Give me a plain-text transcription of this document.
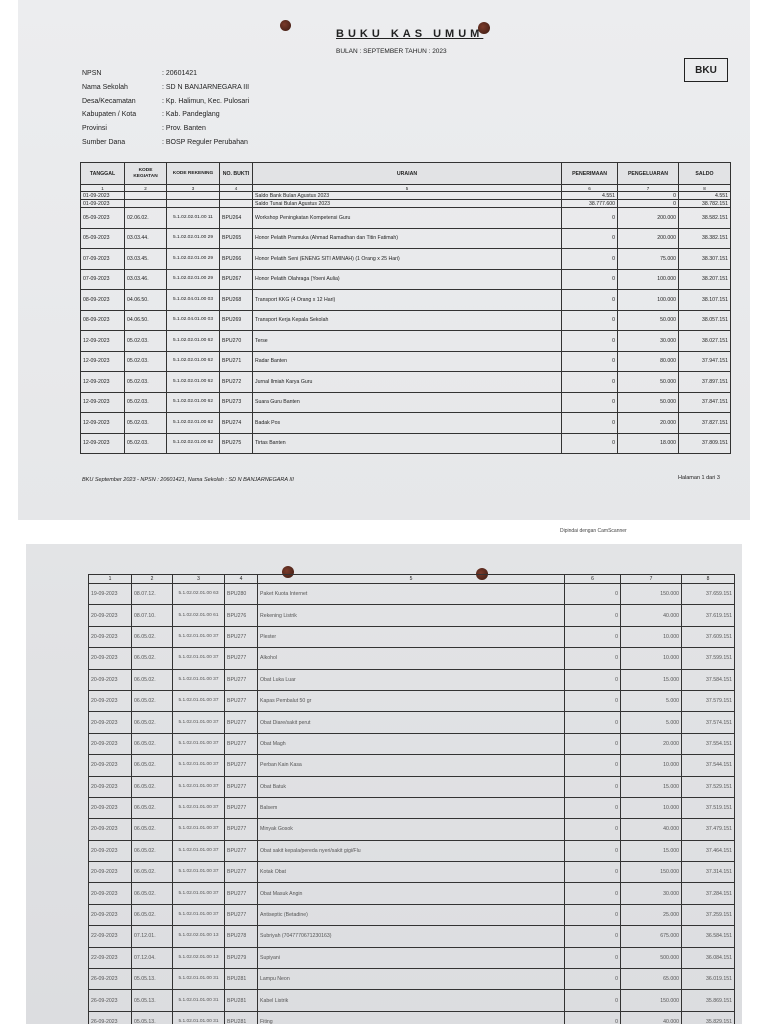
BUKU KAS UMUM
BULAN : SEPTEMBER TAHUN : 2023
BKU
NPSN	: 20601421
Nama Sekolah	: SD N BANJARNEGARA III
Desa/Kecamatan	: Kp. Halimun, Kec. Pulosari
Kabupaten / Kota	: Kab. Pandeglang
Provinsi	: Prov. Banten
Sumber Dana	: BOSP Reguler Perubahan
TANGGAL	KODE KEGIATAN	KODE REKENING	NO. BUKTI	URAIAN	PENERIMAAN	PENGELUARAN	SALDO
1	2	3	4	5	6	7	8
01-09-2023				Saldo Bank Bulan Agustus 2023	4.551	0	4.551
01-09-2023				Saldo Tunai Bulan Agustus 2023	38.777.600	0	38.782.151
05-09-2023	02.06.02.	5.1.02.02.01.00 11	BPU264	Workshop Peningkatan Kompetensi Guru	0	200.000	38.582.151
05-09-2023	03.03.44.	5.1.02.02.01.00 29	BPU265	Honor Pelatih Pramuka (Ahmad Ramadhan dan Titin Fatimah)	0	200.000	38.382.151
07-09-2023	03.03.45.	5.1.02.02.01.00 29	BPU266	Honor Pelatih Seni (ENENG SITI AMINAH) (1 Orang x 25 Hari)	0	75.000	38.307.151
07-09-2023	03.03.46.	5.1.02.02.01.00 29	BPU267	Honor Pelatih Olahraga (Yoeni Aulia)	0	100.000	38.207.151
08-09-2023	04.06.50.	5.1.02.04.01.00 03	BPU268	Transport KKG (4 Orang x 12 Hari)	0	100.000	38.107.151
08-09-2023	04.06.50.	5.1.02.04.01.00 03	BPU269	Transport Kerja Kepala Sekolah	0	50.000	38.057.151
12-09-2023	05.02.03.	5.1.02.02.01.00 62	BPU270	Terse	0	30.000	38.027.151
12-09-2023	05.02.03.	5.1.02.02.01.00 62	BPU271	Radar Banten	0	80.000	37.947.151
12-09-2023	05.02.03.	5.1.02.02.01.00 62	BPU272	Jurnal Ilmiah Karya Guru	0	50.000	37.897.151
12-09-2023	05.02.03.	5.1.02.02.01.00 62	BPU273	Suara Guru Banten	0	50.000	37.847.151
12-09-2023	05.02.03.	5.1.02.02.01.00 62	BPU274	Badak Pos	0	20.000	37.827.151
12-09-2023	05.02.03.	5.1.02.02.01.00 62	BPU275	Tirtas Banten	0	18.000	37.809.151
BKU September 2023 - NPSN : 20601421, Nama Sekolah : SD N BANJARNEGARA III	Halaman 1 dari 3
Dipindai dengan CamScanner
1	2	3	4	5	6	7	8
19-09-2023	08.07.12.	5.1.02.02.01.00 63	BPU280	Paket Kuota Internet	0	150.000	37.659.151
20-09-2023	08.07.10.	5.1.02.02.01.00 61	BPU276	Rekening Listrik	0	40.000	37.619.151
20-09-2023	06.05.02.	5.1.02.01.01.00 37	BPU277	Plester	0	10.000	37.609.151
20-09-2023	06.05.02.	5.1.02.01.01.00 37	BPU277	Alkohol	0	10.000	37.599.151
20-09-2023	06.05.02.	5.1.02.01.01.00 37	BPU277	Obat Luka Luar	0	15.000	37.584.151
20-09-2023	06.05.02.	5.1.02.01.01.00 37	BPU277	Kapas Pembalut 50 gr	0	5.000	37.579.151
20-09-2023	06.05.02.	5.1.02.01.01.00 37	BPU277	Obat Diare/sakit perut	0	5.000	37.574.151
20-09-2023	06.05.02.	5.1.02.01.01.00 37	BPU277	Obat Magh	0	20.000	37.554.151
20-09-2023	06.05.02.	5.1.02.01.01.00 37	BPU277	Perban Kain Kasa	0	10.000	37.544.151
20-09-2023	06.05.02.	5.1.02.01.01.00 37	BPU277	Obat Batuk	0	15.000	37.529.151
20-09-2023	06.05.02.	5.1.02.01.01.00 37	BPU277	Balsem	0	10.000	37.519.151
20-09-2023	06.05.02.	5.1.02.01.01.00 37	BPU277	Minyak Gosok	0	40.000	37.479.151
20-09-2023	06.05.02.	5.1.02.01.01.00 37	BPU277	Obat sakit kepala/pereda nyeri/sakit gigi/Flu	0	15.000	37.464.151
20-09-2023	06.05.02.	5.1.02.01.01.00 37	BPU277	Kotak Obat	0	150.000	37.314.151
20-09-2023	06.05.02.	5.1.02.01.01.00 37	BPU277	Obat Masuk Angin	0	30.000	37.284.151
20-09-2023	06.05.02.	5.1.02.01.01.00 37	BPU277	Antiseptic (Betadine)	0	25.000	37.259.151
22-09-2023	07.12.01.	5.1.02.02.01.00 13	BPU278	Subriyah (7047770671230163)	0	675.000	36.584.151
22-09-2023	07.12.04.	5.1.02.02.01.00 13	BPU279	Supiyani	0	500.000	36.084.151
26-09-2023	05.05.13.	5.1.02.01.01.00 31	BPU281	Lampu Neon	0	65.000	36.019.151
26-09-2023	05.05.13.	5.1.02.01.01.00 31	BPU281	Kabel Listrik	0	150.000	35.869.151
26-09-2023	05.05.13.	5.1.02.01.01.00 31	BPU281	Fiting	0	40.000	35.829.151
